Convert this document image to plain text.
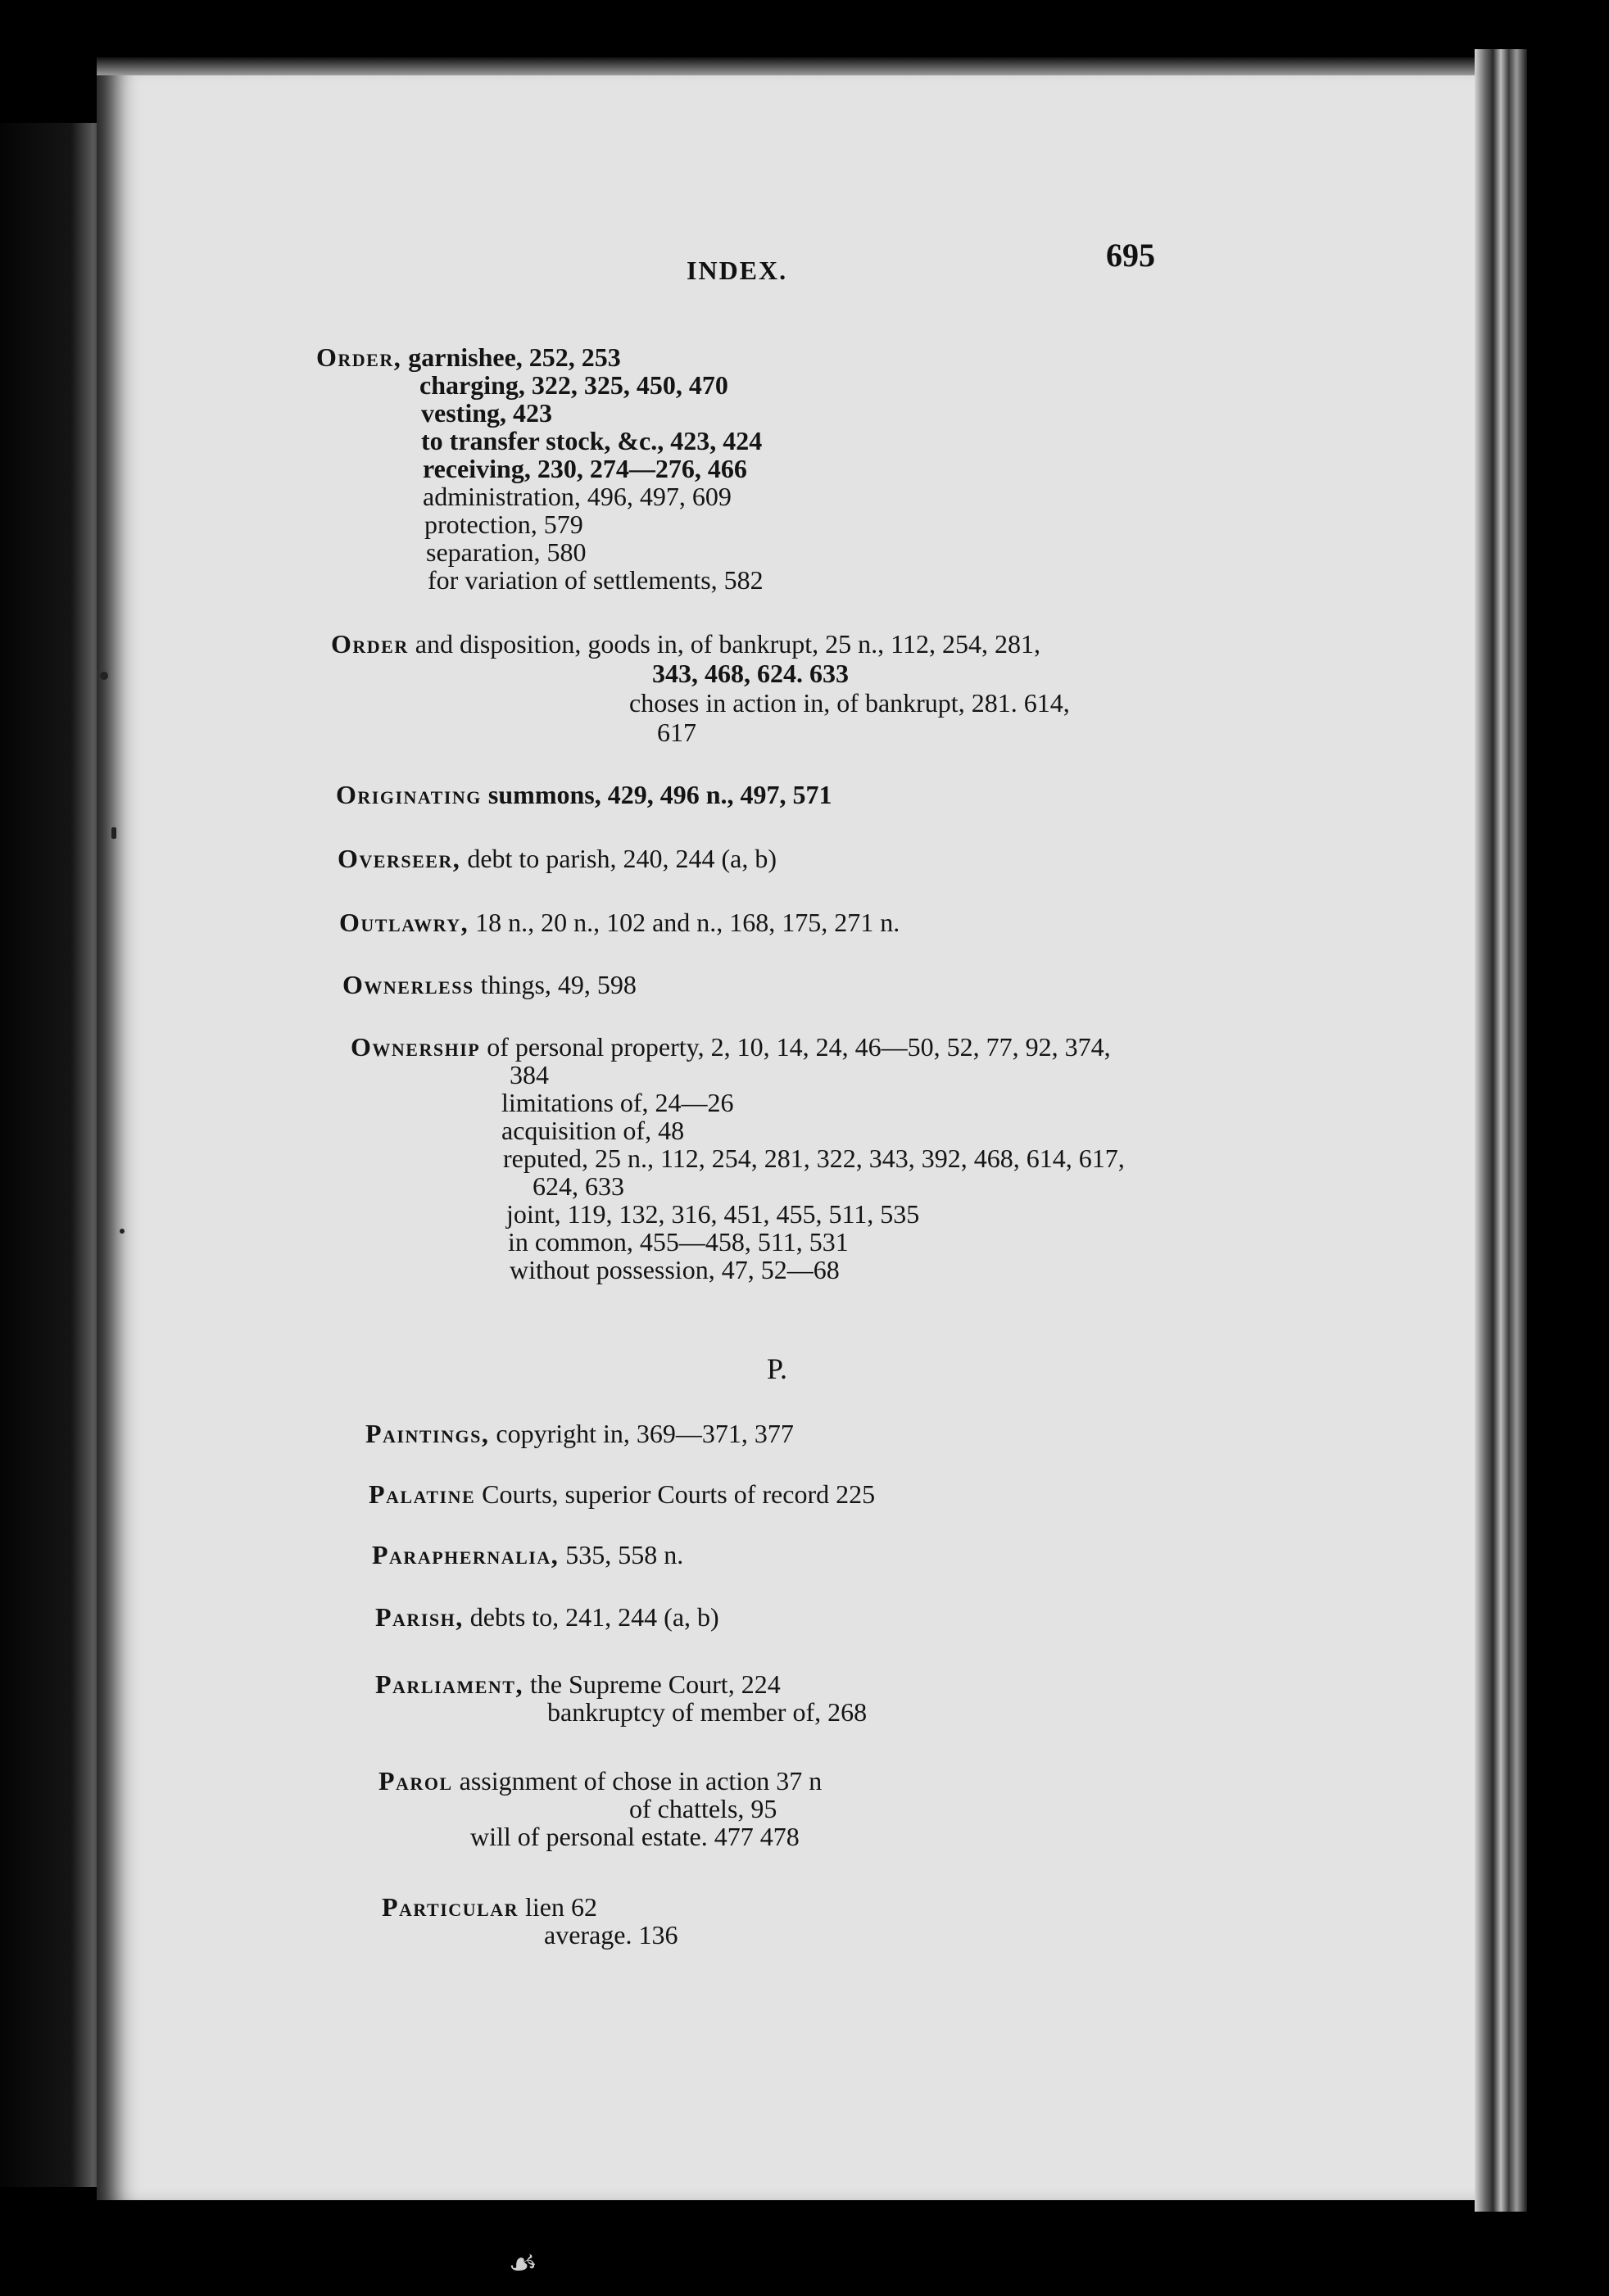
☙
INDEX.	695
Order, garnishee, 252, 253
charging, 322, 325, 450, 470
vesting, 423
to transfer stock, &c., 423, 424
receiving, 230, 274—276, 466
administration, 496, 497, 609
protection, 579
separation, 580
for variation of settlements, 582
Order and disposition, goods in, of bankrupt, 25 n., 112, 254, 281,
343, 468, 624. 633
choses in action in, of bankrupt, 281. 614,
617
Originating summons, 429, 496 n., 497, 571
Overseer, debt to parish, 240, 244 (a, b)
Outlawry, 18 n., 20 n., 102 and n., 168, 175, 271 n.
Ownerless things, 49, 598
Ownership of personal property, 2, 10, 14, 24, 46—50, 52, 77, 92, 374,
384
limitations of, 24—26
acquisition of, 48
reputed, 25 n., 112, 254, 281, 322, 343, 392, 468, 614, 617,
624, 633
joint, 119, 132, 316, 451, 455, 511, 535
in common, 455—458, 511, 531
without possession, 47, 52—68
P.
Paintings, copyright in, 369—371, 377
Palatine Courts, superior Courts of record 225
Paraphernalia, 535, 558 n.
Parish, debts to, 241, 244 (a, b)
Parliament, the Supreme Court, 224
bankruptcy of member of, 268
Parol assignment of chose in action 37 n
of chattels, 95
will of personal estate. 477 478
Particular lien 62
average. 136
